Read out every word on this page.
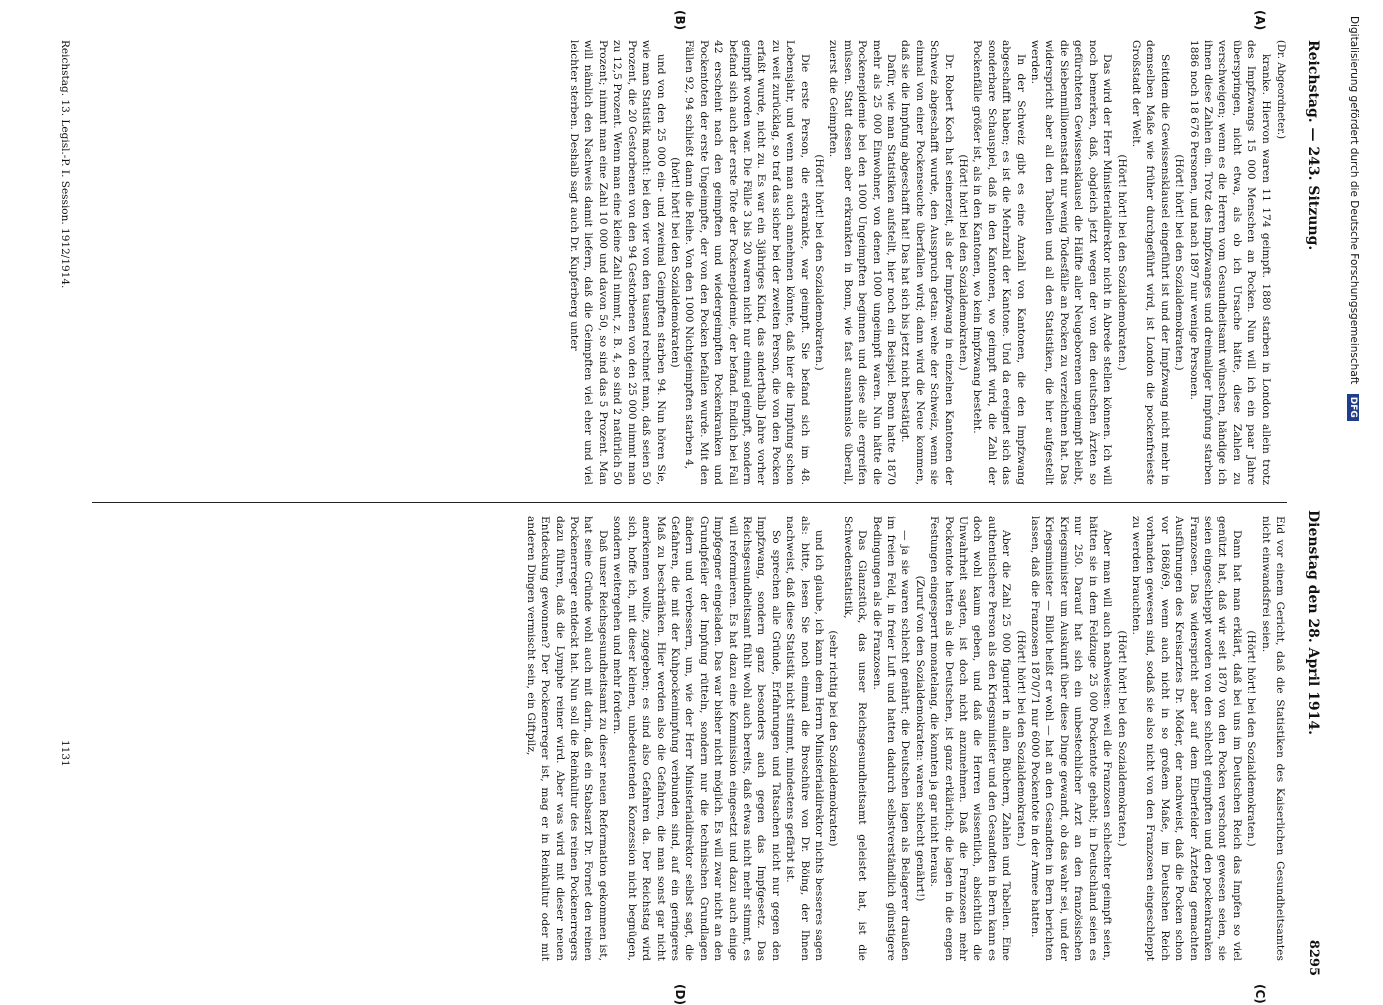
Reichstag. — 243. Sitzung.
Dienstag den 28. April 1914.
8295
(A)
(B)
(C)
(D)

(Dr. Abgeordneter.)

kranke. Hiervon waren 11 174 geimpft. 1880 starben in London allein trotz des Impfzwangs 15 000 Menschen an Pocken. Nun will ich ein paar Jahre überspringen, nicht etwa, als ob ich Ursache hätte, diese Zahlen zu verschweigen; wenn es die Herren vom Gesundheitsamt wünschen, händige ich ihnen diese Zahlen ein. Trotz des Impfzwanges und dreimaliger Impfung starben 1886 noch 18 676 Personen, und nach 1897 nur wenige Personen.

(Hört! hört! bei den Sozialdemokraten.)

Seitdem die Gewissensklausel eingeführt ist und der Impfzwang nicht mehr in demselben Maße wie früher durchgeführt wird, ist London die pockenfreieste Großstadt der Welt.

(Hört! hört! bei den Sozialdemokraten.)

Das wird der Herr Ministerialdirektor nicht in Abrede stellen können. Ich will noch bemerken, daß, obgleich jetzt wegen der von den deutschen Ärzten so gefürchteten Gewissensklausel die Hälfte aller Neugeborenen ungeimpft bleibt, die Siebenmillionenstadt nur wenig Todesfälle an Pocken zu verzeichnen hat. Das widerspricht aber all den Tabellen und all den Statistiken, die hier aufgestellt werden.

In der Schweiz gibt es eine Anzahl von Kantonen, die den Impfzwang abgeschafft haben; es ist die Mehrzahl der Kantone. Und da ereignet sich das sonderbare Schauspiel, daß in den Kantonen, wo geimpft wird, die Zahl der Pockenfälle größer ist, als in den Kantonen, wo kein Impfzwang besteht.

(Hört! hört! bei den Sozialdemokraten.)

Dr. Robert Koch hat seinerzeit, als der Impfzwang in einzelnen Kantonen der Schweiz abgeschafft wurde, den Ausspruch getan: wehe der Schweiz, wenn sie einmal von einer Pockenseuche überfallen wird; dann wird die Neue kommen, daß sie die Impfung abgeschafft hat! Das hat sich bis jetzt nicht bestätigt.

Dafür, wie man Statistiken aufstellt, hier noch ein Beispiel. Bonn hatte 1870 mehr als 25 000 Einwohner, von denen 1000 ungeimpft waren. Nun hätte die Pockenepidemie bei den 1000 Ungeimpften beginnen und diese alle ergreifen müssen. Statt dessen aber erkrankten in Bonn, wie fast ausnahmslos überall, zuerst die Geimpften.

(Hört! hört! bei den Sozialdemokraten.)

Die erste Person, die erkrankte, war geimpft. Sie befand sich im 48. Lebensjahr, und wenn man auch annehmen könnte, daß hier die Impfung schon zu weit zurücklag, so traf das sicher bei der zweiten Person, die von den Pocken erfaßt wurde, nicht zu. Es war ein 3jähriges Kind, das anderthalb Jahre vorher geimpft worden war. Die Fälle 3 bis 20 waren nicht nur einmal geimpft, sondern befand sich auch der erste Tote der Pockenepidemie, der befand. Endlich bei Fall 42 erscheint nach den geimpften und wiedergeimpften Pockenkranken und Pockentoten der erste Ungeimpfte, der von den Pocken befallen wurde. Mit den Fällen 92, 94 schließt dann die Reihe. Von den 1000 Nichtgeimpften starben 4,

(hört! hört! bei den Sozialdemokraten)

und von den 25 000 ein- und zweimal Geimpften starben 94. Nun hören Sie, wie man Statistik macht: bei den vier von den tausend rechnet man, daß seien 50 Prozent, die 20 Gestorbenen von den 94 Gestorbenen von den 25 000 nimmt man zu 12,5 Prozent. Wenn man eine kleine Zahl nimmt, z. B. 4, so sind 2 natürlich 50 Prozent; nimmt man eine Zahl 10 000 und davon 50, so sind das 5 Prozent. Man will nämlich den Nachweis damit liefern, daß die Geimpften viel eher und viel leichter sterben. Deshalb sagt auch Dr. Kupferberg unter

Eid vor einem Gericht, daß die Statistiken des Kaiserlichen Gesundheitsamtes nicht einwandsfrei seien.

(Hört! hört! bei den Sozialdemokraten.)

Dann hat man erklärt, daß bei uns im Deutschen Reich das Impfen so viel genützt hat, daß wir seit 1870 von den Pocken verschont gewesen seien, sie seien eingeschleppt worden von den schlecht geimpften und den pockenkranken Franzosen. Das widerspricht aber auf dem Elberfelder Ärztetag gemachten Ausführungen des Kreisarztes Dr. Möder, der nachweist, daß die Pocken schon vor 1868/69, wenn auch nicht in so großem Maße, im Deutschen Reich vorhanden gewesen sind, sodaß sie also nicht von den Franzosen eingeschleppt zu werden brauchten.

(Hört! hört! bei den Sozialdemokraten.)

Aber man will auch nachweisen: weil die Franzosen schlechter geimpft seien, hätten sie in dem Feldzuge 25 000 Pockentote gehabt; in Deutschland seien es nur 250. Darauf hat sich ein unbestechlicher Arzt an den französischen Kriegsminister um Auskunft über diese Dinge gewandt, ob das wahr sei, und der Kriegsminister — Billot heißt er wohl — hat an den Gesandten in Bern berichten lassen, daß die Franzosen 1870/71 nur 6000 Pockentote in der Armee hatten.

(Hört! hört! bei den Sozialdemokraten.)

Aber die Zahl 25 000 figuriert in allen Büchern, Zahlen und Tabellen. Eine authentischere Person als den Kriegsminister und den Gesandten in Bern kann es doch wohl kaum geben, und daß die Herren wissentlich, absichtlich die Unwahrheit sagten, ist doch nicht anzunehmen. Daß die Franzosen mehr Pockentote hatten als die Deutschen, ist ganz erklärlich; die lagen in die engen Festungen eingesperrt monatelang, die konnten ja gar nicht heraus.

(Zuruf von den Sozialdemokraten: waren schlecht genährt!)

— ja sie waren schlecht genährt; die Deutschen lagen als Belagerer draußen im freien Feld, in freier Luft und hatten dadurch selbstverständlich günstigere Bedingungen als die Franzosen.

Das Glanzstück, das unser Reichsgesundheitsamt geleistet hat, ist die Schwedenstatistik,

(sehr richtig bei den Sozialdemokraten)

und ich glaube, ich kann dem Herrn Ministerialdirektor nichts besseres sagen als: bitte, lesen Sie noch einmal die Broschüre von Dr. Böing, der Ihnen nachweist, daß diese Statistik nicht stimmt, mindestens gefärbt ist.

So sprechen alle Gründe, Erfahrungen und Tatsachen nicht nur gegen den Impfzwang, sondern ganz besonders auch gegen das Impfgesetz. Das Reichsgesundheitsamt fühlt wohl auch bereits, daß etwas nicht mehr stimmt, es will reformieren. Es hat dazu eine Kommission eingesetzt und dazu auch einige Impfgegner eingeladen. Das war bisher nicht möglich. Es will zwar nicht an den Grundpfeiler der Impfung rütteln, sondern nur die technischen Grundlagen ändern und verbessern, um, wie der Herr Ministerialdirektor selbst sagt, die Gefahren, die mit der Kuhpockenimpfung verbunden sind, auf ein geringeres Maß zu beschränken. Hier werden also die Gefahren, die man sonst gar nicht anerkennen wollte, zugegeben; es sind also Gefahren da. Der Reichstag wird sich, hoffe ich, mit dieser kleinen, unbedeutenden Konzession nicht begnügen, sondern weitergehen und mehr fordern.

Daß unser Reichsgesundheitsamt zu dieser neuen Reformation gekommen ist, hat seine Gründe wohl auch mit darin, daß ein Stabsarzt Dr. Fornet den reinen Pockenerreger entdeckt hat. Nun soll die Reinkultur des reinen Pockenerregers dazu führen, daß die Lymphe reiner wird. Aber was wird mit dieser neuen Entdeckung gewonnen? Der Pockenerreger ist, mag er in Reinkultur oder mit anderen Dingen vermischt sein, ein Giftpilz,

Reichstag. 13. Legisl.-P. I. Session. 1912/1914.
1131
Digitalisierung gefördert durch die Deutsche Forschungsgemeinschaft DFG
